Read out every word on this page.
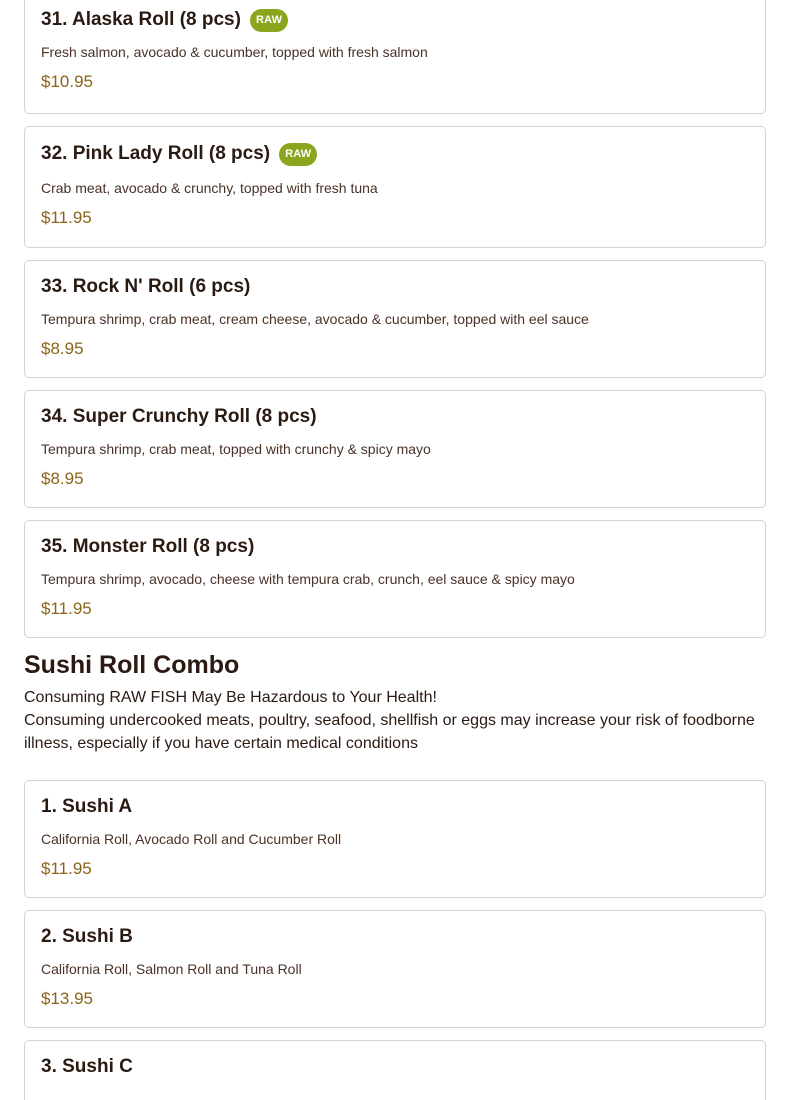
31. Alaska Roll (8 pcs)	RAW
Fresh salmon, avocado & cucumber, topped with fresh salmon
$10.95
32. Pink Lady Roll (8 pcs)	RAW
Crab meat, avocado & crunchy, topped with fresh tuna
$11.95
33. Rock N' Roll (6 pcs)
Tempura shrimp, crab meat, cream cheese, avocado & cucumber, topped with eel sauce
$8.95
34. Super Crunchy Roll (8 pcs)
Tempura shrimp, crab meat, topped with crunchy & spicy mayo
$8.95
35. Monster Roll (8 pcs)
Tempura shrimp, avocado, cheese with tempura crab, crunch, eel sauce & spicy mayo
$11.95
Sushi Roll Combo
Consuming RAW FISH May Be Hazardous to Your Health!
Consuming undercooked meats, poultry, seafood, shellfish or eggs may increase your risk of foodborne illness, especially if you have certain medical conditions
1. Sushi A
California Roll, Avocado Roll and Cucumber Roll
$11.95
2. Sushi B
California Roll, Salmon Roll and Tuna Roll
$13.95
3. Sushi C
